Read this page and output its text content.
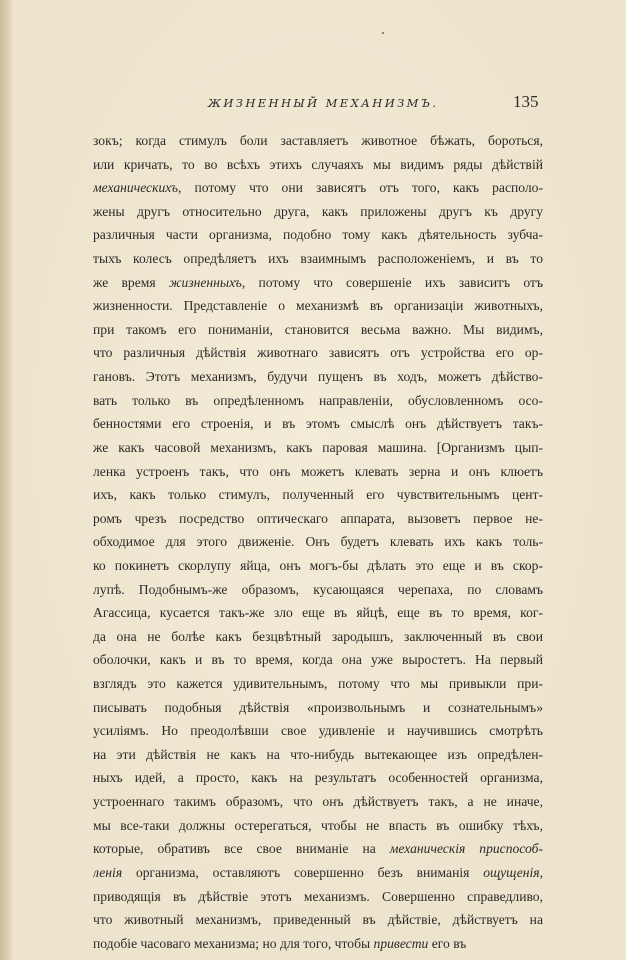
ЖИЗНЕННЫЙ МЕХАНИЗМЪ.	135
зокъ; когда стимулъ боли заставляетъ животное бѣжать, бороться,
или кричать, то во всѣхъ этихъ случаяхъ мы видимъ ряды дѣйствій
механическихъ, потому что они зависятъ отъ того, какъ располо-
жены другъ относительно друга, какъ приложены другъ къ другу
различныя части организма, подобно тому какъ дѣятельность зубча-
тыхъ колесъ опредѣляетъ ихъ взаимнымъ расположеніемъ, и въ то
же время жизненныхъ, потому что совершеніе ихъ зависитъ отъ
жизненности. Представленіе о механизмѣ въ организаціи животныхъ,
при такомъ его пониманіи, становится весьма важно. Мы видимъ,
что различныя дѣйствія животнаго зависятъ отъ устройства его ор-
гановъ. Этотъ механизмъ, будучи пущенъ въ ходъ, можетъ дѣйство-
вать только въ опредѣленномъ направленіи, обусловленномъ осо-
бенностями его строенія, и въ этомъ смыслѣ онъ дѣйствуетъ такъ-
же какъ часовой механизмъ, какъ паровая машина. [Организмъ цып-
ленка устроенъ такъ, что онъ можетъ клевать зерна и онъ клюетъ
ихъ, какъ только стимулъ, полученный его чувствительнымъ цент-
ромъ чрезъ посредство оптическаго аппарата, вызоветъ первое не-
обходимое для этого движеніе. Онъ будетъ клевать ихъ какъ толь-
ко покинетъ скорлупу яйца, онъ могъ-бы дѣлать это еще и въ скор-
лупѣ. Подобнымъ-же образомъ, кусающаяся черепаха, по словамъ
Агассица, кусается такъ-же зло еще въ яйцѣ, еще въ то время, ког-
да она не болѣе какъ безцвѣтный зародышъ, заключенный въ свои
оболочки, какъ и въ то время, когда она уже выростетъ. На первый
взглядъ это кажется удивительнымъ, потому что мы привыкли при-
писывать подобныя дѣйствія «произвольнымъ и сознательнымъ»
усиліямъ. Но преодолѣвши свое удивленіе и научившись смотрѣть
на эти дѣйствія не какъ на что-нибудь вытекающее изъ опредѣлен-
ныхъ идей, а просто, какъ на результатъ особенностей организма,
устроеннаго такимъ образомъ, что онъ дѣйствуетъ такъ, а не иначе,
мы все-таки должны остерегаться, чтобы не впасть въ ошибку тѣхъ,
которые, обративъ все свое вниманіе на механическія приспособ-
ленія организма, оставляютъ совершенно безъ вниманія ощущенія,
приводящія въ дѣйствіе этотъ механизмъ. Совершенно справедливо,
что животный механизмъ, приведенный въ дѣйствіе, дѣйствуетъ на
подобіе часоваго механизма; но для того, чтобы привести его въ
